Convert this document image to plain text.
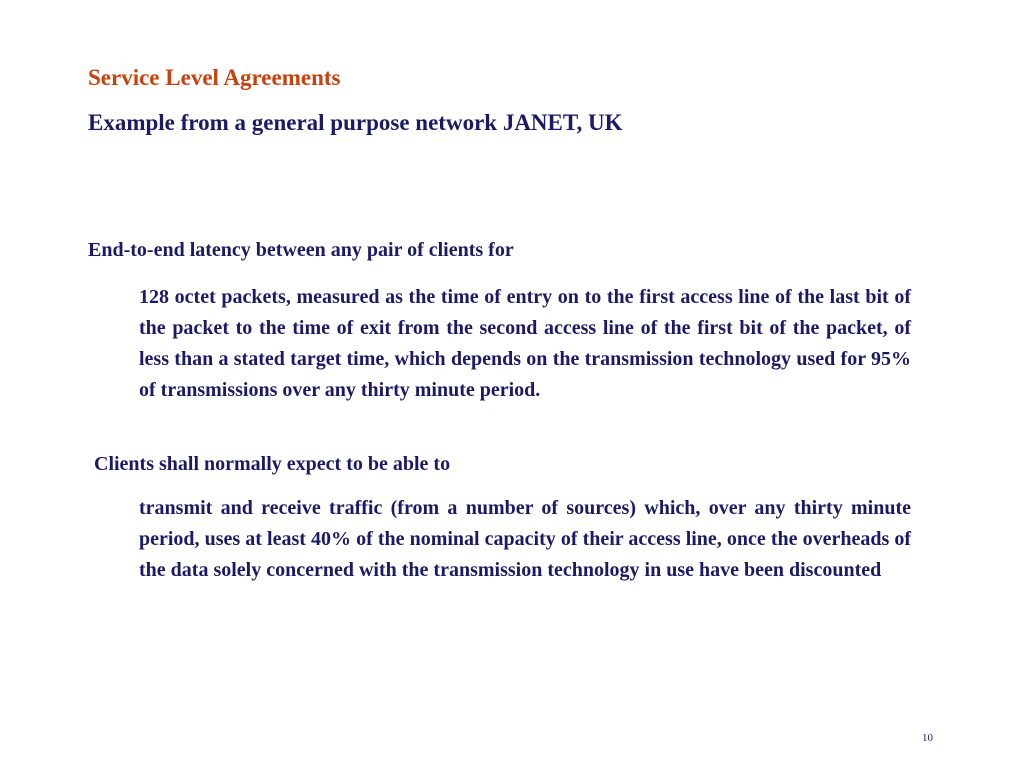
Service Level Agreements
Example from a general purpose network JANET, UK

End-to-end latency between any pair of clients for

128 octet packets, measured as the time of entry on to the first access line of the last bit of the packet to the time of exit from the second access line of the first bit of the packet, of less than a stated target time, which depends on the transmission technology used for 95% of transmissions over any thirty minute period.

Clients shall normally expect to be able to

transmit and receive traffic (from a number of sources) which, over any thirty minute period, uses at least 40% of the nominal capacity of their access line, once the overheads of the data solely concerned with the transmission technology in use have been discounted

10
